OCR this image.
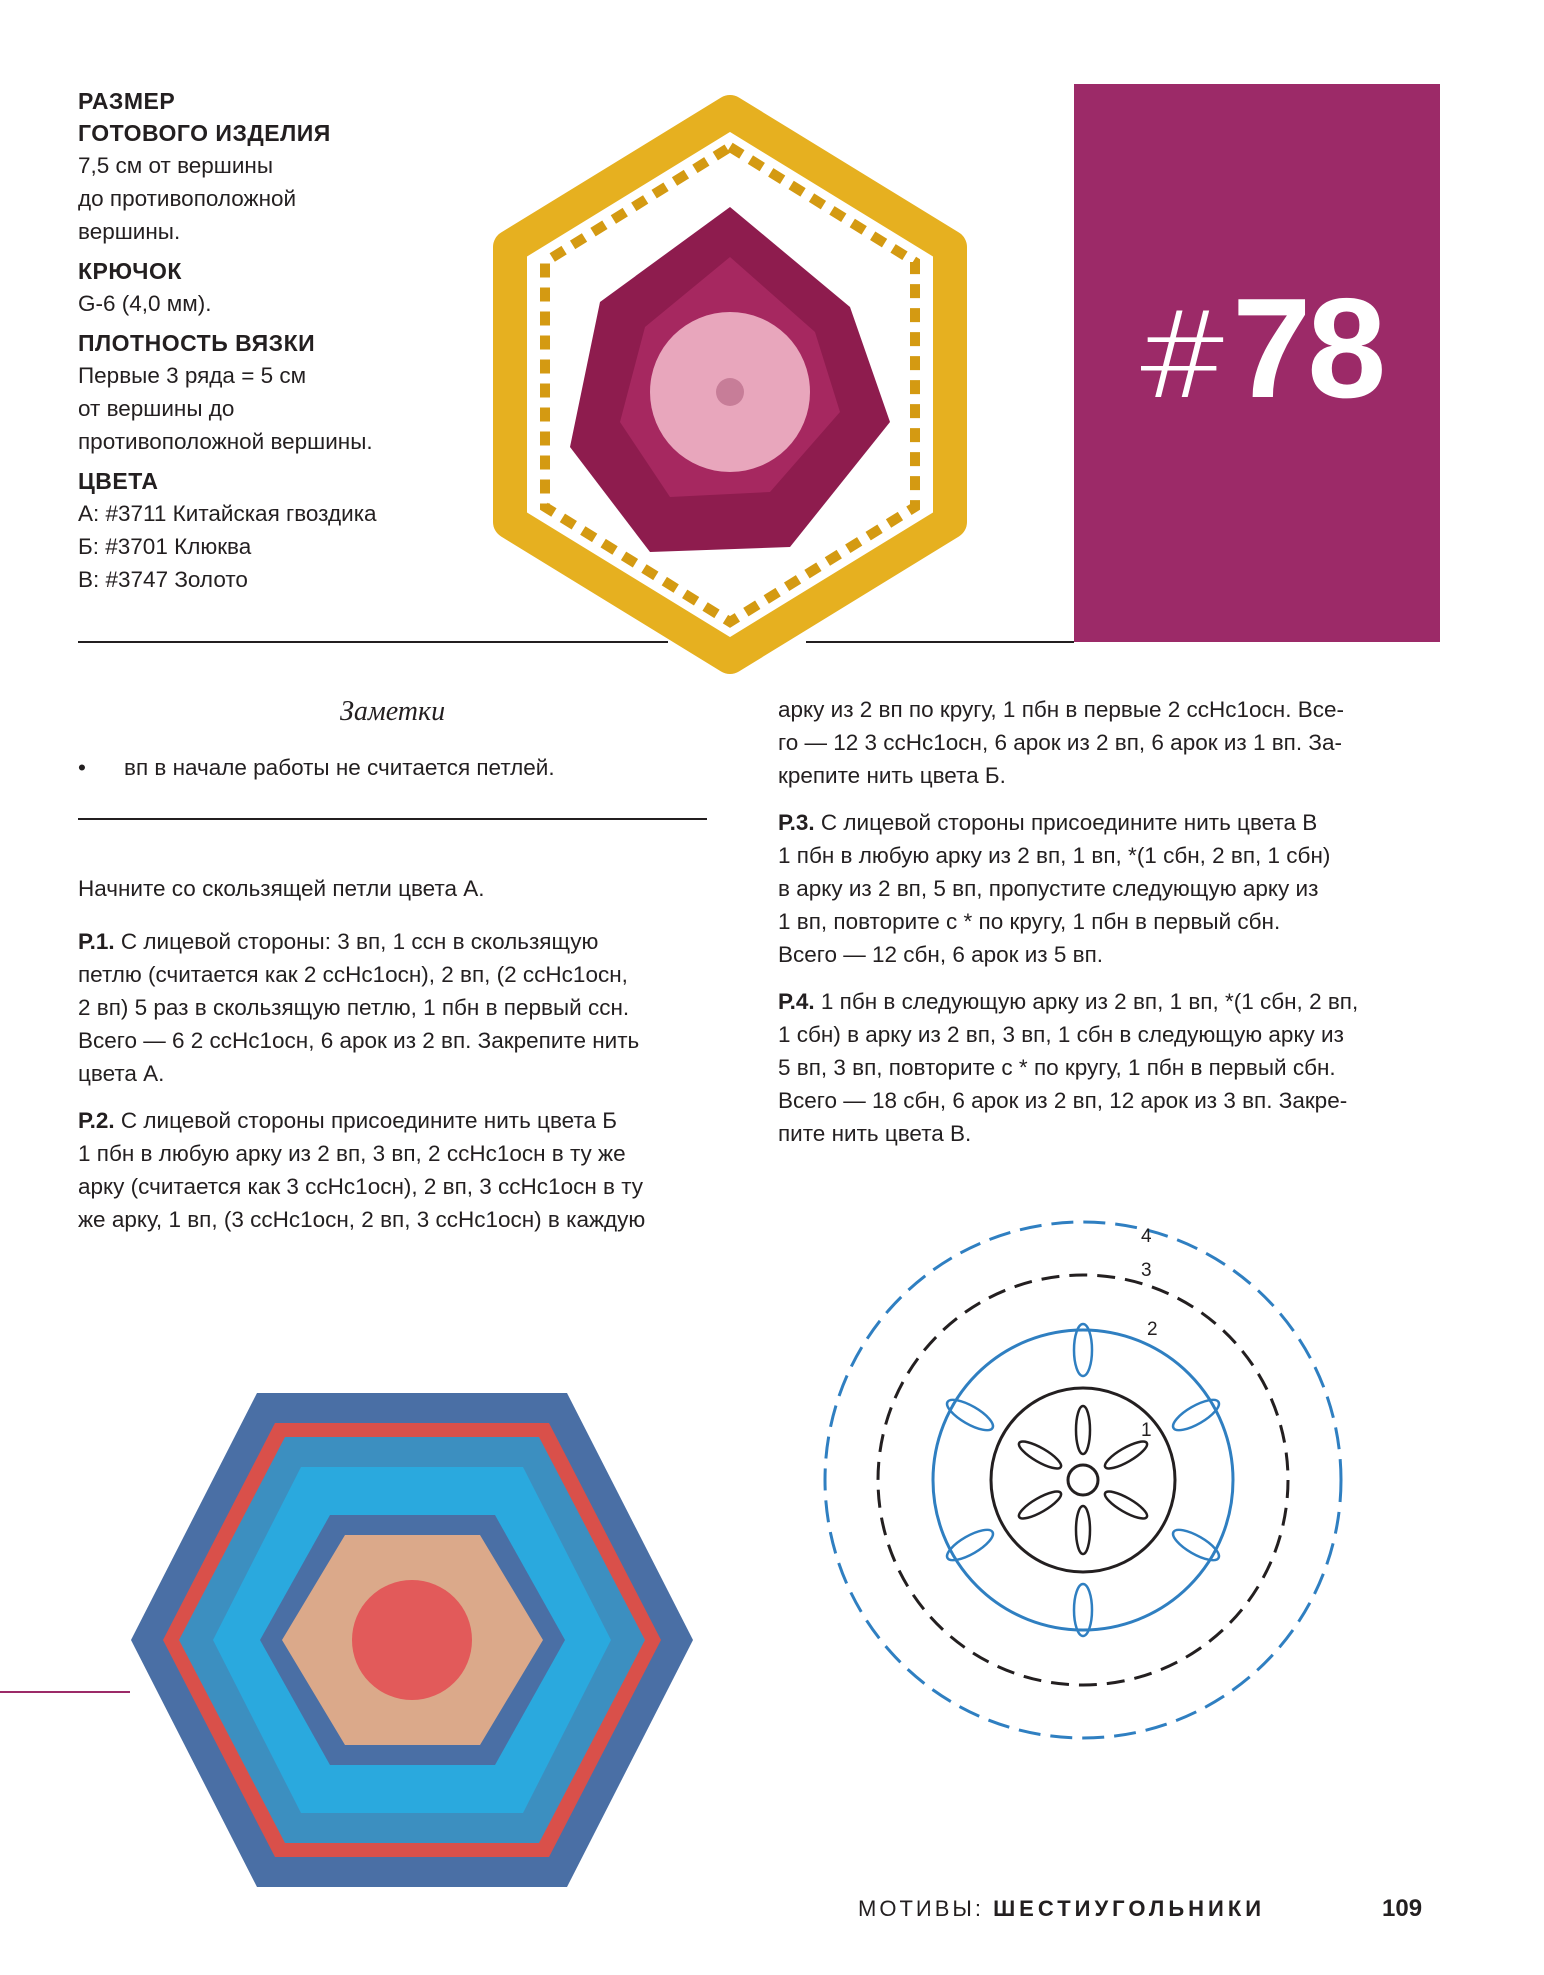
РАЗМЕР

ГОТОВОГО ИЗДЕЛИЯ

7,5 см от вершины

до противоположной

вершины.

КРЮЧОК

G-6 (4,0 мм).

ПЛОТНОСТЬ ВЯЗКИ

Первые 3 ряда = 5 см

от вершины до

противоположной вершины.

ЦВЕТА

А: #3711 Китайская гвоздика

Б: #3701 Клюква

В: #3747 Золото

#78
Заметки
• вп в начале работы не считается петлей.

Начните со скользящей петли цвета А.

Р.1. С лицевой стороны: 3 вп, 1 ссн в скользящую
петлю (считается как 2 ссНс1осн), 2 вп, (2 ссНс1осн,
2 вп) 5 раз в скользящую петлю, 1 пбн в первый ссн.
Всего — 6 2 ссНс1осн, 6 арок из 2 вп. Закрепите нить
цвета А.

Р.2. С лицевой стороны присоедините нить цвета Б
1 пбн в любую арку из 2 вп, 3 вп, 2 ссНс1осн в ту же
арку (считается как 3 ссНс1осн), 2 вп, 3 ссНс1осн в ту
же арку, 1 вп, (3 ссНс1осн, 2 вп, 3 ссНс1осн) в каждую

арку из 2 вп по кругу, 1 пбн в первые 2 ссНс1осн. Все-
го — 12 3 ссНс1осн, 6 арок из 2 вп, 6 арок из 1 вп. За-
крепите нить цвета Б.

Р.3. С лицевой стороны присоедините нить цвета В
1 пбн в любую арку из 2 вп, 1 вп, *(1 сбн, 2 вп, 1 сбн)
в арку из 2 вп, 5 вп, пропустите следующую арку из
1 вп, повторите с * по кругу, 1 пбн в первый сбн.
Всего — 12 сбн, 6 арок из 5 вп.

Р.4. 1 пбн в следующую арку из 2 вп, 1 вп, *(1 сбн, 2 вп,
1 сбн) в арку из 2 вп, 3 вп, 1 сбн в следующую арку из
5 вп, 3 вп, повторите с * по кругу, 1 пбн в первый сбн.
Всего — 18 сбн, 6 арок из 2 вп, 12 арок из 3 вп. Закре-
пите нить цвета В.

4
3
2
1
МОТИВЫ: ШЕСТИУГОЛЬНИКИ	109
